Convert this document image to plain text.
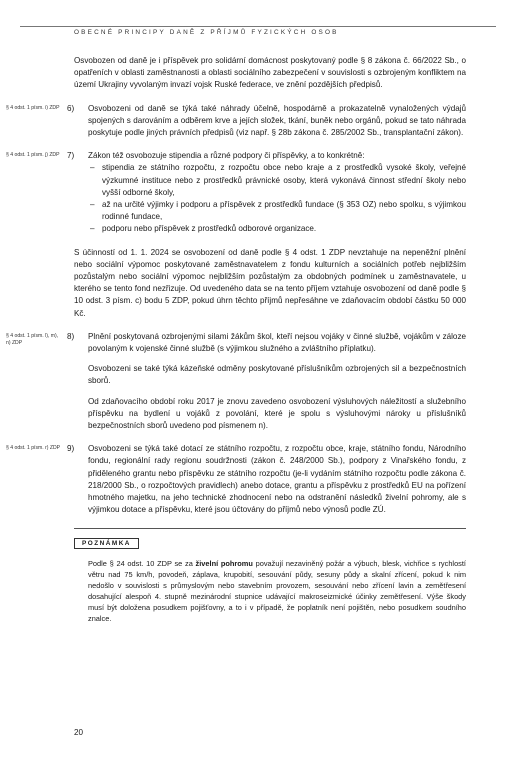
OBECNÉ PRINCIPY DANĚ Z PŘÍJMŮ FYZICKÝCH OSOB

Osvobozen od daně je i příspěvek pro solidární domácnost poskytovaný podle § 8 zákona č. 66/2022 Sb., o opatřeních v oblasti zaměstnanosti a oblasti sociálního zabezpečení v souvislosti s ozbrojeným konfliktem na území Ukrajiny vyvolaným invazí vojsk Ruské federace, ve znění pozdějších předpisů.

§ 4 odst. 1 písm. i) ZDP 6)	Osvobozeni od daně se týká také náhrady účelně, hospodárně a prokazatelně vynaložených výdajů spojených s darováním a odběrem krve a jejích složek, tkání, buněk nebo orgánů, pokud se tato náhrada poskytuje podle jiných právních předpisů (viz např. § 28b zákona č. 285/2002 Sb., transplantační zákon).

§ 4 odst. 1 písm. j) ZDP 7)	Zákon též osvobozuje stipendia a různé podpory či příspěvky, a to konkrétně:

– stipendia ze státního rozpočtu, z rozpočtu obce nebo kraje a z prostředků vysoké školy, veřejné výzkumné instituce nebo z prostředků právnické osoby, která vykonává činnost střední školy nebo vyšší odborné školy,
– až na určité výjimky i podporu a příspěvek z prostředků fundace (§ 353 OZ) nebo spolku, s výjimkou rodinné fundace,
– podporu nebo příspěvek z prostředků odborové organizace.

S účinností od 1. 1. 2024 se osvobození od daně podle § 4 odst. 1 ZDP nevztahuje na nepeněžní plnění nebo sociální výpomoc poskytované zaměstnavatelem z fondu kulturních a sociálních potřeb nejbližším pozůstalým nebo sociální výpomoc nejbližším pozůstalým za obdobných podmínek u zaměstnavatele, u kterého se tento fond nezřizuje. Od uvedeného data se na tento příjem vztahuje osvobození od daně podle § 10 odst. 3 písm. c) bodu 5 ZDP, pokud úhrn těchto příjmů nepřesáhne ve zdaňovacím období částku 50 000 Kč.

§ 4 odst. 1 písm. l), m), n) ZDP
8)	Plnění poskytovaná ozbrojenými silami žákům škol, kteří nejsou vojáky v činné službě, vojákům v záloze povolaným k vojenské činné službě (s výjimkou služného a zvláštního příplatku).

Osvobozeni se také týká kázeňské odměny poskytované příslušníkům ozbrojených sil a bezpečnostních sborů.

Od zdaňovacího období roku 2017 je znovu zavedeno osvobození výsluhových náležitostí a služebního příspěvku na bydlení u vojáků z povolání, které je spolu s výsluhovými nároky u příslušníků bezpečnostních sborů uvedeno pod písmenem n).

§ 4 odst. 1 písm. r) ZDP 9)	Osvobozeni se týká také dotací ze státního rozpočtu, z rozpočtu obce, kraje, státního fondu, Národního fondu, regionální rady regionu soudržnosti (zákon č. 248/2000 Sb.), podpory z Vinařského fondu, z přiděleného grantu nebo příspěvku ze státního rozpočtu (je-li vydáním státního rozpočtu podle zákona č. 218/2000 Sb., o rozpočtových pravidlech) anebo dotace, grantu a příspěvku z prostředků EU na pořízení hmotného majetku, na jeho technické zhodnocení nebo na odstranění následků živelní pohromy, ale s výjimkou dotace a příspěvku, které jsou účtovány do příjmů nebo výnosů podle ZÚ.

POZNÁMKA

Podle § 24 odst. 10 ZDP se za živelní pohromu považují nezaviněný požár a výbuch, blesk, vichřice s rychlostí větru nad 75 km/h, povodeň, záplava, krupobití, sesouvání půdy, sesuny půdy a skalní zřícení, pokud k nim nedošlo v souvislosti s průmyslovým nebo stavebním provozem, sesouvání nebo zřícení lavin a zemětřesení dosahující alespoň 4. stupně mezinárodní stupnice udávající makroseizmické účinky zemětřesení. Výše škody musí být doložena posudkem pojišťovny, a to i v případě, že poplatník není pojištěn, nebo posudkem soudního znalce.

20
